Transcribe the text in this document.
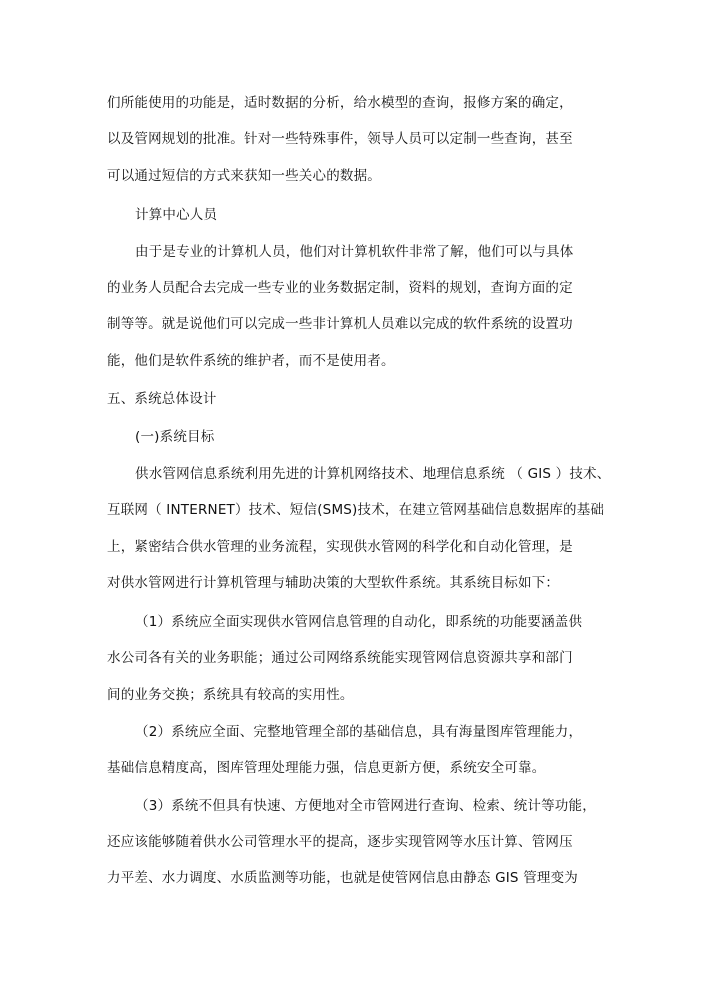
们所能使用的功能是，适时数据的分析，给水模型的查询，报修方案的确定，
以及管网规划的批准。针对一些特殊事件，领导人员可以定制一些查询，甚至
可以通过短信的方式来获知一些关心的数据。
计算中心人员
由于是专业的计算机人员，他们对计算机软件非常了解，他们可以与具体
的业务人员配合去完成一些专业的业务数据定制，资料的规划，查询方面的定
制等等。就是说他们可以完成一些非计算机人员难以完成的软件系统的设置功
能，他们是软件系统的维护者，而不是使用者。
五、系统总体设计
(一)系统目标
供水管网信息系统利用先进的计算机网络技术、地理信息系统 （ GIS ）技术、
互联网（ INTERNET）技术、短信(SMS)技术，在建立管网基础信息数据库的基础
上，紧密结合供水管理的业务流程，实现供水管网的科学化和自动化管理，是
对供水管网进行计算机管理与辅助决策的大型软件系统。其系统目标如下：
（1）系统应全面实现供水管网信息管理的自动化，即系统的功能要涵盖供
水公司各有关的业务职能；通过公司网络系统能实现管网信息资源共享和部门
间的业务交换；系统具有较高的实用性。
（2）系统应全面、完整地管理全部的基础信息，具有海量图库管理能力，
基础信息精度高，图库管理处理能力强，信息更新方便，系统安全可靠。
（3）系统不但具有快速、方便地对全市管网进行查询、检索、统计等功能，
还应该能够随着供水公司管理水平的提高，逐步实现管网等水压计算、管网压
力平差、水力调度、水质监测等功能，也就是使管网信息由静态 GIS 管理变为
